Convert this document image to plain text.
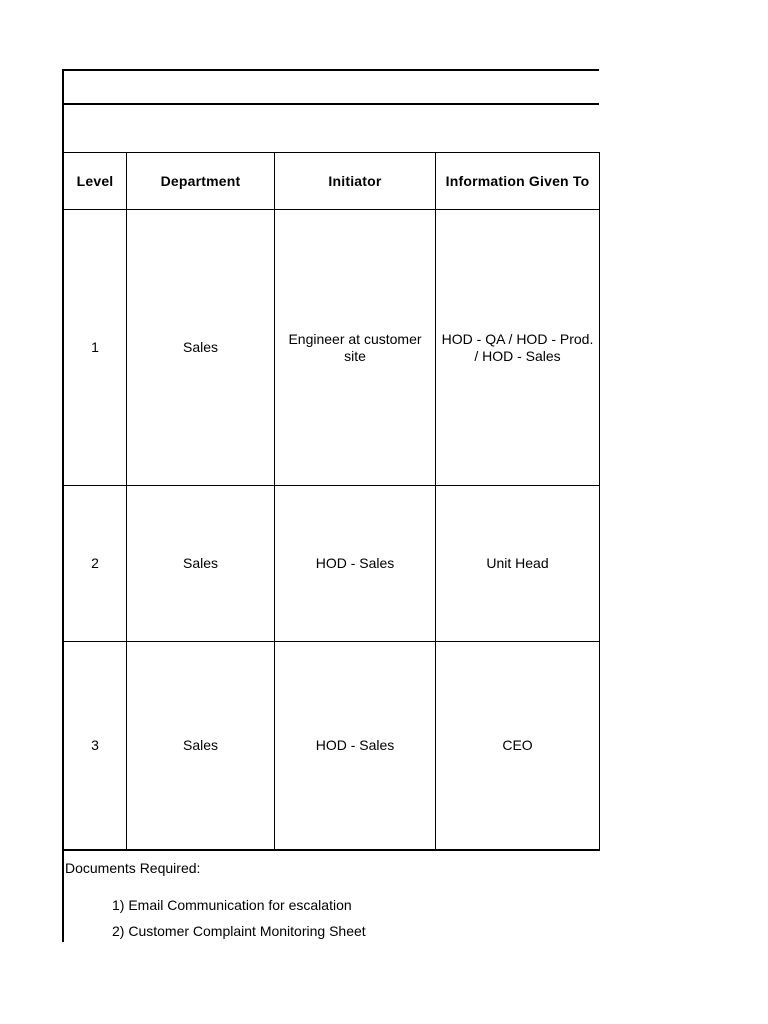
Level	Department	Initiator	Information Given To
1	Sales	Engineer at customer site	HOD - QA / HOD - Prod. / HOD - Sales
2	Sales	HOD - Sales	Unit Head
3	Sales	HOD - Sales	CEO
Documents Required:
1) Email Communication for escalation
2) Customer Complaint Monitoring Sheet
